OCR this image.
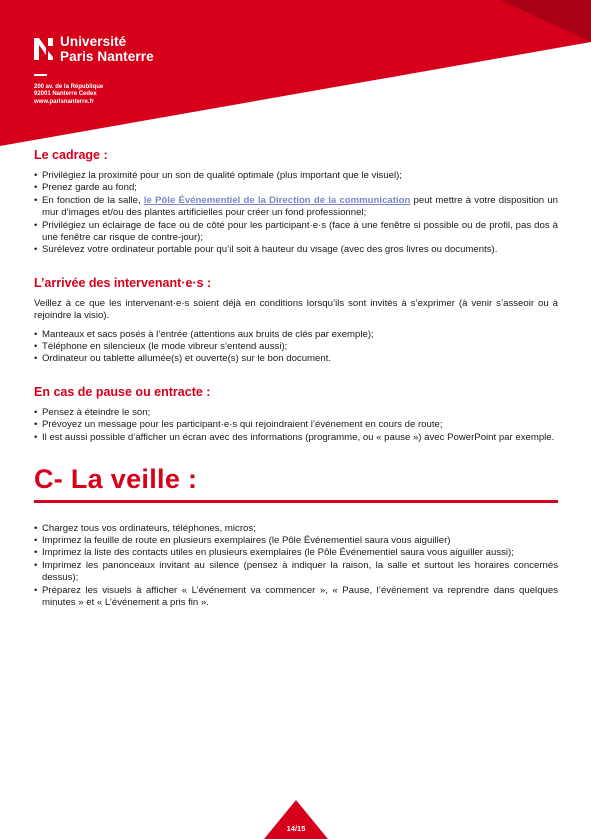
Université
Paris Nanterre
200 av. de la République
92001 Nanterre Cedex
www.parisnanterre.fr
Le cadrage :
• Privilégiez la proximité pour un son de qualité optimale (plus important que le visuel);
• Prenez garde au fond;
• En fonction de la salle, le Pôle Événementiel de la Direction de la communication peut mettre à votre disposition un mur d’images et/ou des plantes artificielles pour créer un fond professionnel;
• Privilégiez un éclairage de face ou de côté pour les participant·e·s (face à une fenêtre si possible ou de profil, pas dos à une fenêtre car risque de contre-jour);
• Surélevez votre ordinateur portable pour qu’il soit à hauteur du visage (avec des gros livres ou documents).
L’arrivée des intervenant·e·s :

Veillez à ce que les intervenant·e·s soient déjà en conditions lorsqu’ils sont invités à s’exprimer (à venir s’asseoir ou à rejoindre la visio).

• Manteaux et sacs posés à l’entrée (attentions aux bruits de clés par exemple);
• Téléphone en silencieux (le mode vibreur s’entend aussi);
• Ordinateur ou tablette allumée(s) et ouverte(s) sur le bon document.
En cas de pause ou entracte :
• Pensez à éteindre le son;
• Prévoyez un message pour les participant·e·s qui rejoindraient l’événement en cours de route;
• Il est aussi possible d’afficher un écran avec des informations (programme, ou « pause ») avec PowerPoint par exemple.
C- La veille :
• Chargez tous vos ordinateurs, téléphones, micros;
• Imprimez la feuille de route en plusieurs exemplaires (le Pôle Événementiel saura vous aiguiller)
• Imprimez la liste des contacts utiles en plusieurs exemplaires (le Pôle Événementiel saura vous aiguiller aussi);
• Imprimez les panonceaux invitant au silence (pensez à indiquer la raison, la salle et surtout les horaires concernés dessus);
• Préparez les visuels à afficher « L’événement va commencer », « Pause, l’événement va reprendre dans quelques minutes » et « L’événement a pris fin ».
14/15
